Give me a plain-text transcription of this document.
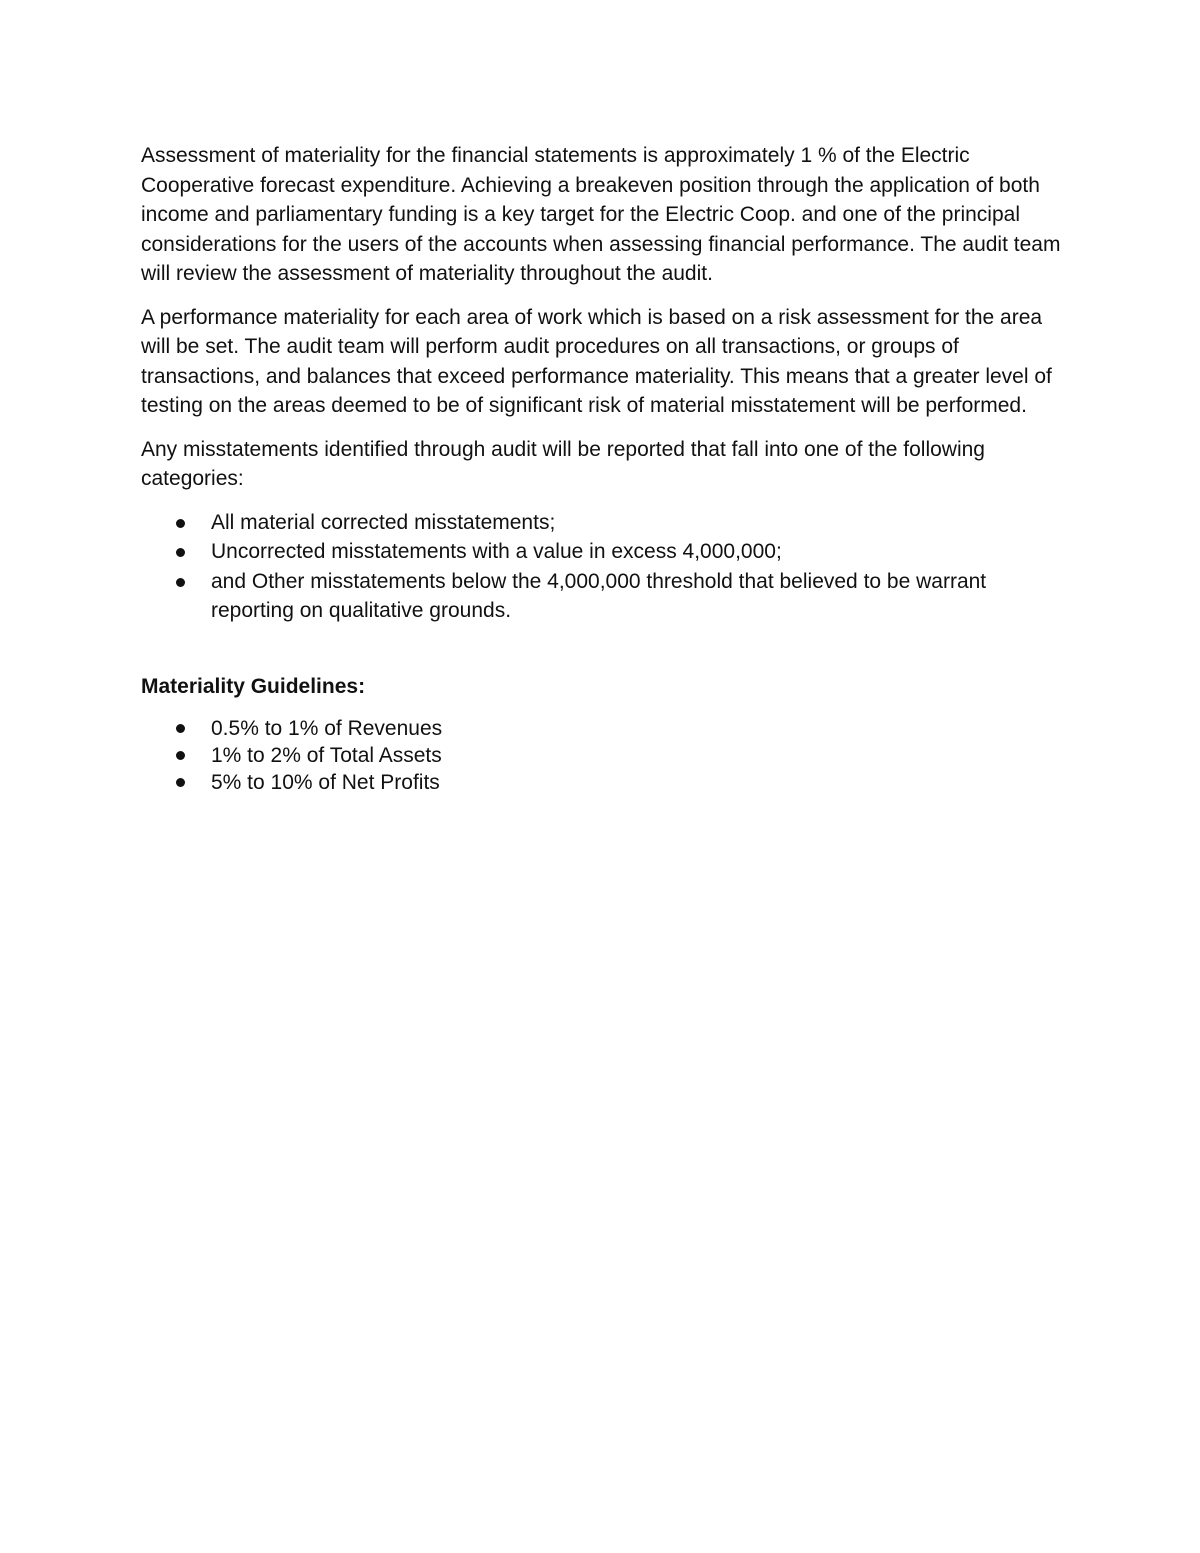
Assessment of materiality for the financial statements is approximately 1 % of the Electric Cooperative forecast expenditure. Achieving a breakeven position through the application of both income and parliamentary funding is a key target for the Electric Coop. and one of the principal considerations for the users of the accounts when assessing financial performance. The audit team will review the assessment of materiality throughout the audit.

A performance materiality for each area of work which is based on a risk assessment for the area will be set. The audit team will perform audit procedures on all transactions, or groups of transactions, and balances that exceed performance materiality. This means that a greater level of testing on the areas deemed to be of significant risk of material misstatement will be performed.

Any misstatements identified through audit will be reported that fall into one of the following categories:

All material corrected misstatements;
Uncorrected misstatements with a value in excess 4,000,000;
and Other misstatements below the 4,000,000 threshold that believed to be warrant reporting on qualitative grounds.

Materiality Guidelines:

0.5% to 1% of Revenues
1% to 2% of Total Assets
5% to 10% of Net Profits
